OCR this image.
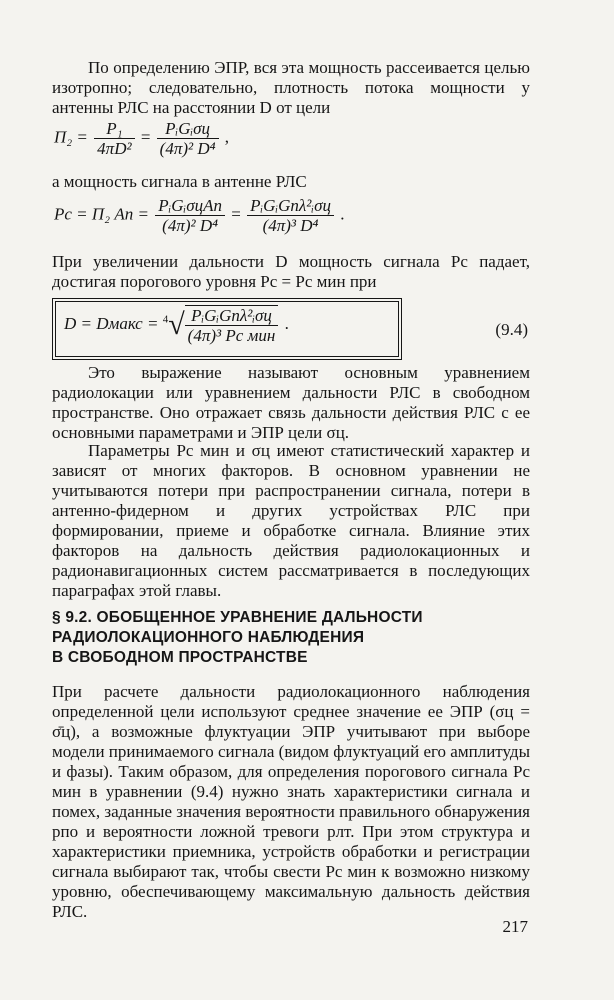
По определению ЭПР, вся эта мощность рассеивается целью изотропно; следовательно, плотность потока мощности у антенны РЛС на расстоянии D от цели
$\Pi_2 = \frac{\text{P₁}}{\text{4πD²}} = \frac{\text{PᵢGᵢσц}}{\text{(4π)² D⁴}}$ ,
а мощность сигнала в антенне РЛС
Pc = Π₂ Aп = $\frac{\text{PᵢGᵢσцAп}}{\text{(4π)² D⁴}} = \frac{\text{PᵢGᵢGпλ²ᵢσц}}{\text{(4π)³ D⁴}}$ .
При увеличении дальности D мощность сигнала Pс падает, достигая порогового уровня Pс = Pс мин при
D = Dмакс = $^4√ \frac{\text{PᵢGᵢGпλ²ᵢσц}}{\text{(4π)³ Pс мин}}$ .	(9.4)
Это выражение называют основным уравнением радиолокации или уравнением дальности РЛС в свободном пространстве. Оно отражает связь дальности действия РЛС с ее основными параметрами и ЭПР цели σц.
Параметры Pс мин и σц имеют статистический характер и зависят от многих факторов. В основном уравнении не учитываются потери при распространении сигнала, потери в антенно-фидерном и других устройствах РЛС при формировании, приеме и обработке сигнала. Влияние этих факторов на дальность действия радиолокационных и радионавигационных систем рассматривается в последующих параграфах этой главы.
§ 9.2. ОБОБЩЕННОЕ УРАВНЕНИЕ ДАЛЬНОСТИ
РАДИОЛОКАЦИОННОГО НАБЛЮДЕНИЯ
В СВОБОДНОМ ПРОСТРАНСТВЕ
При расчете дальности радиолокационного наблюдения определенной цели используют среднее значение ее ЭПР (σц = σ̄ц), а возможные флуктуации ЭПР учитывают при выборе модели принимаемого сигнала (видом флуктуаций его амплитуды и фазы). Таким образом, для определения порогового сигнала Pс мин в уравнении (9.4) нужно знать характеристики сигнала и помех, заданные значения вероятности правильного обнаружения pпо и вероятности ложной тревоги pлт. При этом структура и характеристики приемника, устройств обработки и регистрации сигнала выбирают так, чтобы свести Pс мин к возможно низкому уровню, обеспечивающему максимальную дальность действия РЛС.
217
